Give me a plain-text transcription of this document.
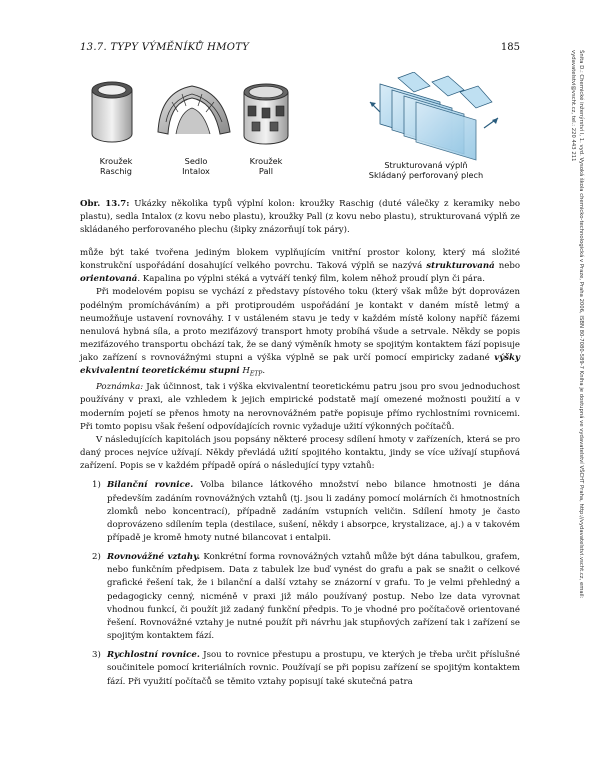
13.7. TYPY VÝMĚNÍKŮ HMOTY	185
Šnita D.: Chemické inženýrství I, 1. vyd. Vysoká škola chemicko-technologická v Praze, Praha 2006, ISBN 80-7080-589-7 Kniha je dostupná ve vydavatelství VŠCHT Praha, http://vydavatelstvi.vscht.cz, email: vydavatelstvi@vscht.cz, tel.: 220 443 211
Kroužek
Raschig
Sedlo
Intalox
Kroužek
Pall
Strukturovaná výplň
Skládaný perforovaný plech
Obr. 13.7: Ukázky několika typů výplní kolon: kroužky Raschig (duté válečky z keramiky nebo plastu), sedla Intalox (z kovu nebo plastu), kroužky Pall (z kovu nebo plastu), strukturovaná výplň ze skládaného perforovaného plechu (šipky znázorňují tok páry).

může být také tvořena jediným blokem vyplňujícím vnitřní prostor kolony, který má složité konstrukční uspořádání dosahující velkého povrchu. Taková výplň se nazývá strukturovaná nebo orientovaná. Kapalina po výplni stéká a vytváří tenký film, kolem něhož proudí plyn či pára.

Při modelovém popisu se vychází z představy pístového toku (který však může být doprovázen podélným promícháváním) a při protiproudém uspořádání je kontakt v daném místě letmý a neumožňuje ustavení rovnováhy. I v ustáleném stavu je tedy v každém místě kolony napříč fázemi nenulová hybná síla, a proto mezifázový transport hmoty probíhá všude a setrvale. Někdy se popis mezifázového transportu obchází tak, že se daný výměník hmoty se spojitým kontaktem fází popisuje jako zařízení s rovnovážnými stupni a výška výplně se pak určí pomocí empiricky zadané výšky ekvivalentní teoretickému stupni $H_{ETP}$.

Poznámka: Jak účinnost, tak i výška ekvivalentní teoretickému patru jsou pro svou jednoduchost používány v praxi, ale vzhledem k jejich empirické podstatě mají omezené možnosti použití a v moderním pojetí se přenos hmoty na nerovnovážném patře popisuje přímo rychlostními rovnicemi. Při tomto popisu však řešení odpovídajících rovnic vyžaduje užití výkonných počítačů.

V následujících kapitolách jsou popsány některé procesy sdílení hmoty v zařízeních, která se pro daný proces nejvíce užívají. Někdy převládá užití spojitého kontaktu, jindy se více užívají stupňová zařízení. Popis se v každém případě opírá o následující typy vztahů:

1) Bilanční rovnice. Volba bilance látkového množství nebo bilance hmotnosti je dána především zadáním rovnovážných vztahů (tj. jsou li zadány pomocí molárních či hmotnostních zlomků nebo koncentrací), případně zadáním vstupních veličin. Sdílení hmoty je často doprovázeno sdílením tepla (destilace, sušení, někdy i absorpce, krystalizace, aj.) a v takovém případě je kromě hmoty nutné bilancovat i entalpii.
2) Rovnovážné vztahy. Konkrétní forma rovnovážných vztahů může být dána tabulkou, grafem, nebo funkčním předpisem. Data z tabulek lze buď vynést do grafu a pak se snažit o celkové grafické řešení tak, že i bilanční a další vztahy se znázorní v grafu. To je velmi přehledný a pedagogicky cenný, nicméně v praxi již málo používaný postup. Nebo lze data vyrovnat vhodnou funkcí, či použít již zadaný funkční předpis. To je vhodné pro počítačově orientované řešení. Rovnovážné vztahy je nutné použít při návrhu jak stupňových zařízení tak i zařízení se spojitým kontaktem fází.
3) Rychlostní rovnice. Jsou to rovnice přestupu a prostupu, ve kterých je třeba určit příslušné součinitele pomocí kriteriálních rovnic. Používají se při popisu zařízení se spojitým kontaktem fází. Při využití počítačů se těmito vztahy popisují také skutečná patra
